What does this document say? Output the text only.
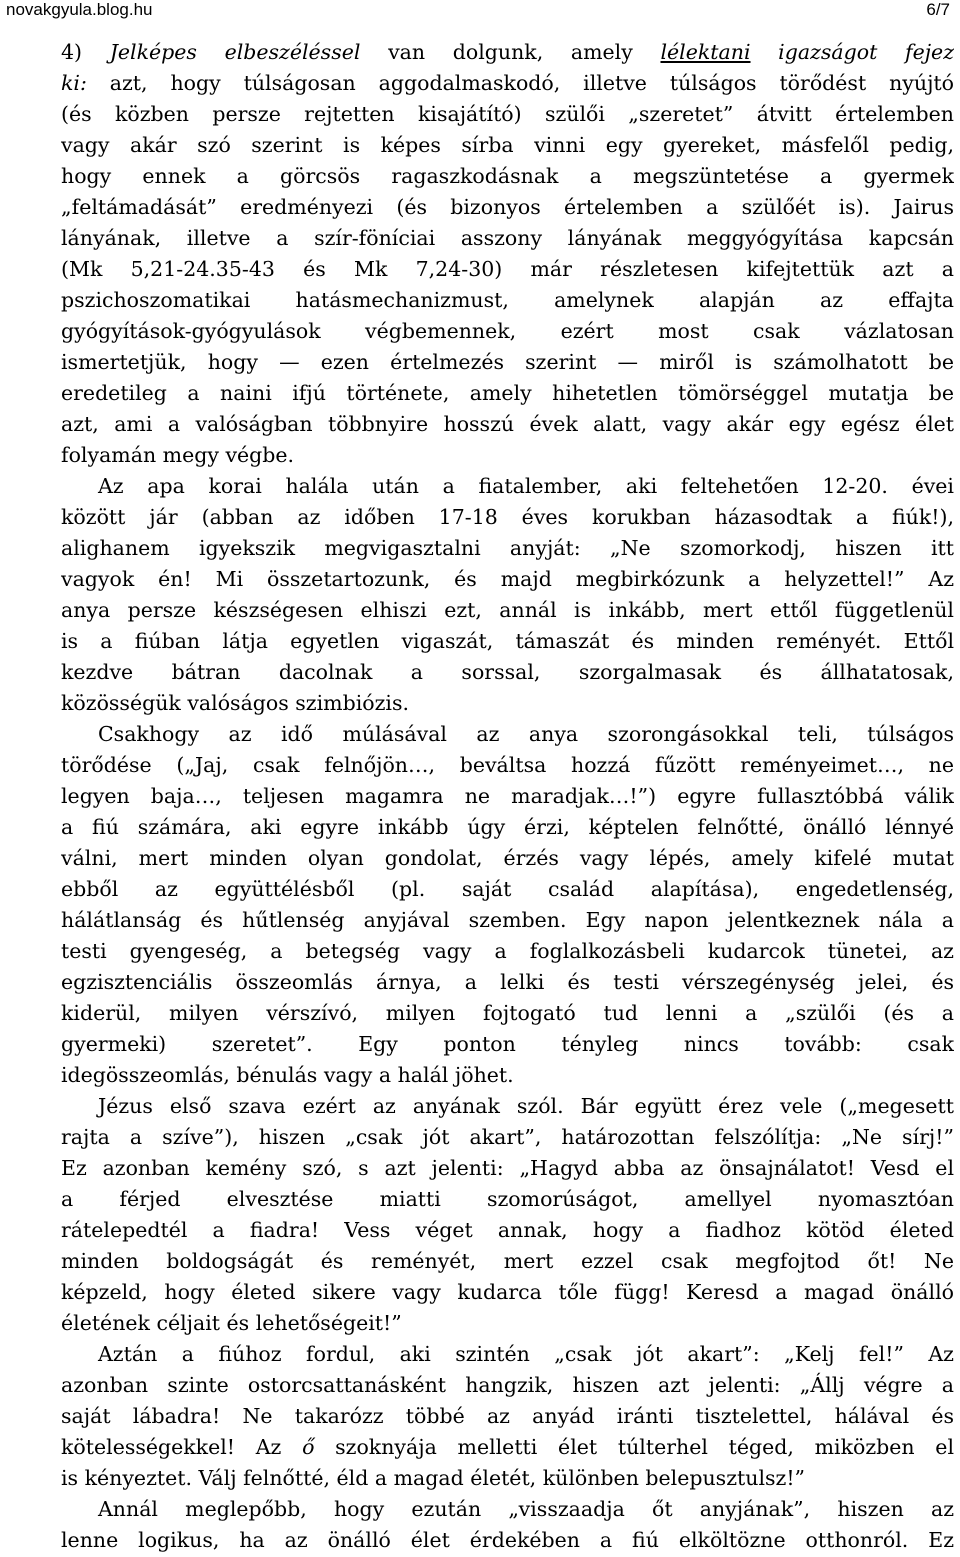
novakgyula.blog.hu	6/7
4) Jelképes elbeszéléssel van dolgunk, amely lélektani igazságot fejez
ki: azt, hogy túlságosan aggodalmaskodó, illetve túlságos törődést nyújtó
(és közben persze rejtetten kisajátító) szülői „szeretet” átvitt értelemben
vagy akár szó szerint is képes sírba vinni egy gyereket, másfelől pedig,
hogy ennek a görcsös ragaszkodásnak a megszüntetése a gyermek
„feltámadását” eredményezi (és bizonyos értelemben a szülőét is). Jairus
lányának, illetve a szír-föníciai asszony lányának meggyógyítása kapcsán
(Mk 5,21-24.35-43 és Mk 7,24-30) már részletesen kifejtettük azt a
pszichoszomatikai hatásmechanizmust, amelynek alapján az effajta
gyógyítások-gyógyulások végbemennek, ezért most csak vázlatosan
ismertetjük, hogy — ezen értelmezés szerint — miről is számolhatott be
eredetileg a naini ifjú története, amely hihetetlen tömörséggel mutatja be
azt, ami a valóságban többnyire hosszú évek alatt, vagy akár egy egész élet
folyamán megy végbe.
Az apa korai halála után a fiatalember, aki feltehetően 12-20. évei
között jár (abban az időben 17-18 éves korukban házasodtak a fiúk!),
alighanem igyekszik megvigasztalni anyját: „Ne szomorkodj, hiszen itt
vagyok én! Mi összetartozunk, és majd megbirkózunk a helyzettel!” Az
anya persze készségesen elhiszi ezt, annál is inkább, mert ettől függetlenül
is a fiúban látja egyetlen vigaszát, támaszát és minden reményét. Ettől
kezdve bátran dacolnak a sorssal, szorgalmasak és állhatatosak,
közösségük valóságos szimbiózis.
Csakhogy az idő múlásával az anya szorongásokkal teli, túlságos
törődése („Jaj, csak felnőjön…, beváltsa hozzá fűzött reményeimet…, ne
legyen baja…, teljesen magamra ne maradjak…!”) egyre fullasztóbbá válik
a fiú számára, aki egyre inkább úgy érzi, képtelen felnőtté, önálló lénnyé
válni, mert minden olyan gondolat, érzés vagy lépés, amely kifelé mutat
ebből az együttélésből (pl. saját család alapítása), engedetlenség,
hálátlanság és hűtlenség anyjával szemben. Egy napon jelentkeznek nála a
testi gyengeség, a betegség vagy a foglalkozásbeli kudarcok tünetei, az
egzisztenciális összeomlás árnya, a lelki és testi vérszegénység jelei, és
kiderül, milyen vérszívó, milyen fojtogató tud lenni a „szülői (és a
gyermeki) szeretet”. Egy ponton tényleg nincs tovább: csak
idegösszeomlás, bénulás vagy a halál jöhet.
Jézus első szava ezért az anyának szól. Bár együtt érez vele („megesett
rajta a szíve”), hiszen „csak jót akart”, határozottan felszólítja: „Ne sírj!”
Ez azonban kemény szó, s azt jelenti: „Hagyd abba az önsajnálatot! Vesd el
a férjed elvesztése miatti szomorúságot, amellyel nyomasztóan
rátelepedtél a fiadra! Vess véget annak, hogy a fiadhoz kötöd életed
minden boldogságát és reményét, mert ezzel csak megfojtod őt! Ne
képzeld, hogy életed sikere vagy kudarca tőle függ! Keresd a magad önálló
életének céljait és lehetőségeit!”
Aztán a fiúhoz fordul, aki szintén „csak jót akart”: „Kelj fel!” Az
azonban szinte ostorcsattanásként hangzik, hiszen azt jelenti: „Állj végre a
saját lábadra! Ne takarózz többé az anyád iránti tisztelettel, hálával és
kötelességekkel! Az ő szoknyája melletti élet túlterhel téged, miközben el
is kényeztet. Válj felnőtté, éld a magad életét, különben belepusztulsz!”
Annál meglepőbb, hogy ezután „visszaadja őt anyjának”, hiszen az
lenne logikus, ha az önálló élet érdekében a fiú elköltözne otthonról. Ez
